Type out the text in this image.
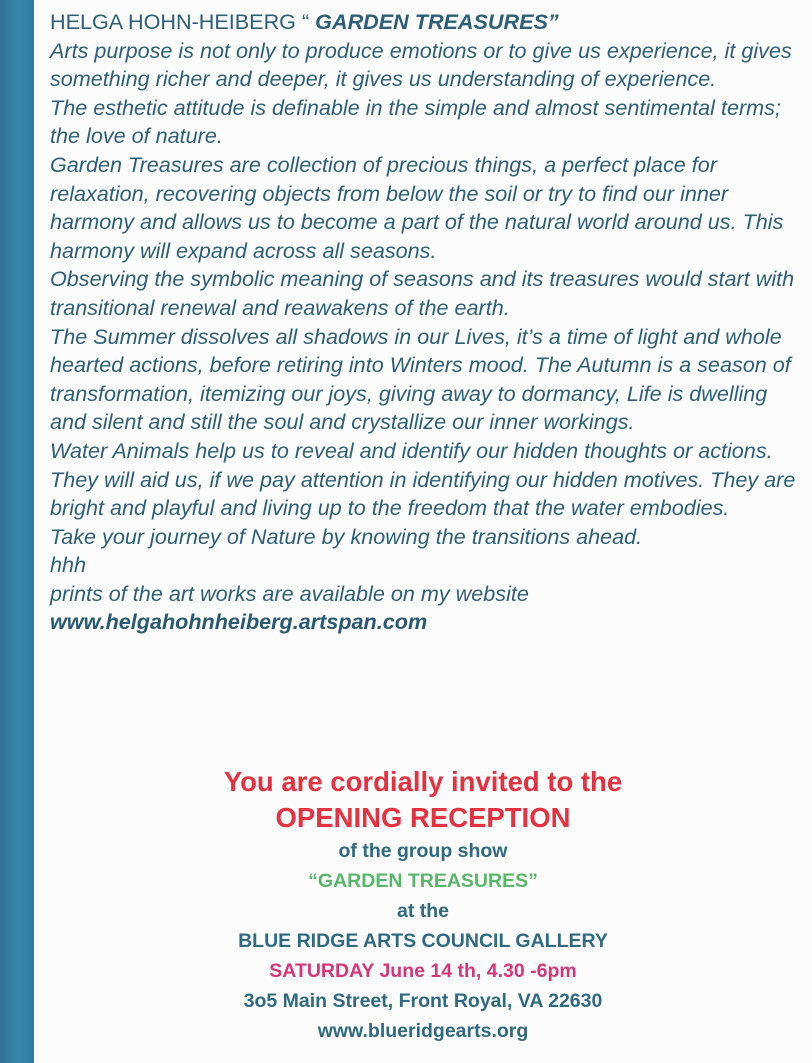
HELGA HOHN-HEIBERG “ GARDEN TREASURES”

Arts purpose is not only to produce emotions or to give us experience, it gives something richer and deeper, it gives us understanding of experience.

The esthetic attitude is definable in the simple and almost sentimental terms; the love of nature.

Garden Treasures are collection of precious things, a perfect place for relaxation, recovering objects from below the soil or try to find our inner harmony and allows us to become a part of the natural world around us. This harmony will expand across all seasons.

Observing the symbolic meaning of seasons and its treasures would start with transitional renewal and reawakens of the earth.

The Summer dissolves all shadows in our Lives, it’s a time of light and whole hearted actions, before retiring into Winters mood. The Autumn is a season of transformation, itemizing our joys, giving away to dormancy, Life is dwelling and silent and still the soul and crystallize our inner workings.

Water Animals help us to reveal and identify our hidden thoughts or actions. They will aid us, if we pay attention in identifying our hidden motives. They are bright and playful and living up to the freedom that the water embodies.

Take your journey of Nature by knowing the transitions ahead.

hhh

prints of the art works are available on my website

www.helgahohnheiberg.artspan.com

You are cordially invited to the
OPENING RECEPTION
of the group show
“GARDEN TREASURES”
at the
BLUE RIDGE ARTS COUNCIL GALLERY
SATURDAY June 14 th, 4.30 -6pm
3o5 Main Street, Front Royal, VA 22630
www.blueridgearts.org
